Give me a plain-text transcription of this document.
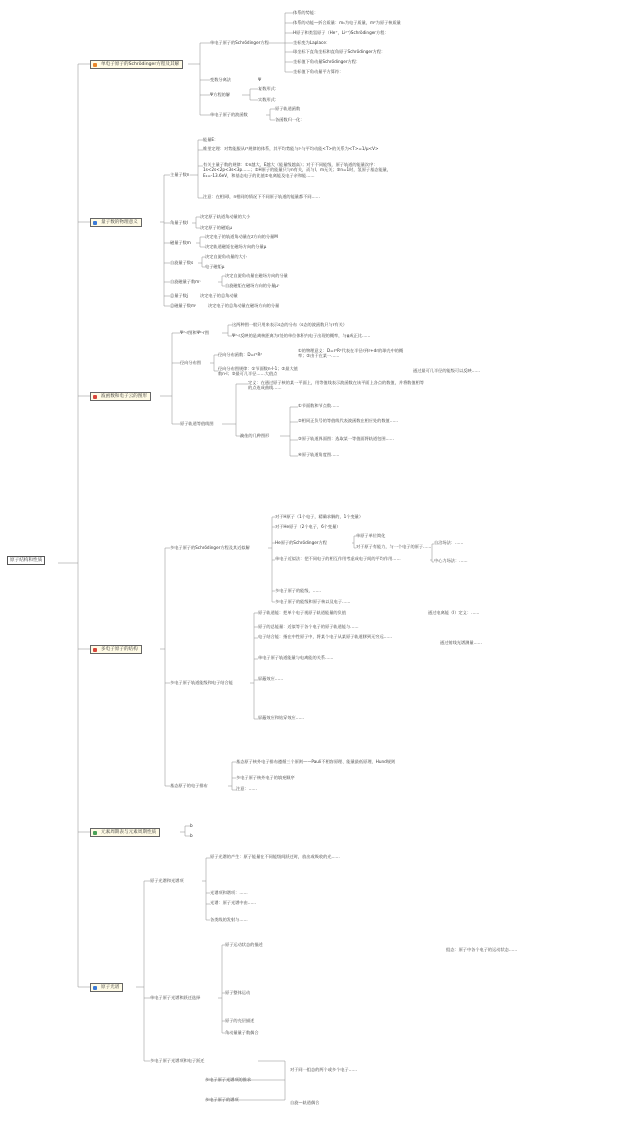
原子结构和性质
单电子原子的Schrödinger方程及其解
单电子原子的Schrödinger方程
体系的势能：
体系的动能—折合质量：m₁为电子质量，m²为原子核质量
H原子和类氢原子（He⁺，Li²⁺)Schrödinger方程：
坐标变为Laplace：
球坐标下直角坐标和直角原子Schrödinger方程：
坐标值下角动量Schrödinger方程：
坐标值下角动量平方算符：
变数分离法	Ψ
Ψ方程的解
复数形式：
实数形式：
单电子原子的波函数
原子轨道函数
各函数归一化：
量子数的物理意义
主量子数n
能量E：
维里定理：对势能服从r²规律的体系，其平均势能与r-与平均动能<T>的关系为<T>=1/μ<V>
有关主量子数的规律：①n越大，E越大（能量级越高）；对于不同能级，原子轨道的能量次序：1s<2s<2p<3s<3p……；②H原子的能量只与n有关，而与l、m无关；③n=1时，氢原子基态能量，E₁=-13.6eV，和基态电子的比值②电离能及电子亲和能……
注意：在相同l，n相同的情况下不同原子轨道的能量都不同……
角量子数l
决定原子轨道角动量的大小
决定原子的磁矩μ
磁量子数m
决定电子的轨道角动量在z方向的分量M
决定轨道磁矩在磁场方向的分量μ
自旋量子数s
决定自旋角动量的大小
电子磁矩μ
自旋磁量子数mˢ
决定自旋角动量在磁场方向的分量
自旋磁矩在磁场方向的分量μˢ
总量子数j	决定电子的总角动量
总磁量子数mʲ	决定电子的总角动量在磁场方向的分量
波函数和电子云的图形
Ψ²-r图和Ψ²-r图
这两种图一般只用来表示s态的分布（s态的波函数只与r有关）
Ψ²-r反映的是离核距离为r处的单位体积内电子出现的概率，与φ成正比……
径向分布图
径向分布函数：D=r²R²
径向分布图规律：①节面数n-l-1；②最大值数n-l；③最可几半径……大值点
①的物理意义：D=r²R²代表在半径r到r+dr的球壳中的概率；②由于在某一……
通过最可几半径的能级可以反映……
原子轨道等值线图
定义：在通过原子核的某一平面上，用等值线表示波函数在该平面上各点的数值，并将数值相等的点连成曲线……
波生的几种图形
①节面数和节点数……
②相同正负号的等值线代表波函数在相应处的数值……
③原子轨道界面图：选取某一等值面将轨道包围……
④原子轨道角度图……
多电子原子的结构
多电子原子的Schrödinger方程及其近似解
对于H原子（1个电子，精确求解的，1个变量）
对于He原子（2个电子，6个变量）
He原子的Schrödinger方程
单原子单位简化
对于原子有能力，与一个电子的原子……
单电子近似法：把不同电子的相互作用考虑成电子间的平均作用……
自洽场法：……
中心力场法：……
多电子原子的能级，……
多电子原子的能级和原子核以及电子……
多电子原子轨道能级和电子结合能
原子轨道能：把单个电子视原子轨道能量的负值
原子的总能量：近似等于各个电子的原子轨道能与……
电子结合能：指在中性原子中，将某个电子从某原子轨道移到无穷远……
单电子原子轨道能量与电离能的关系……
屏蔽效应……
屏蔽效应和钻穿效应……
通过电离能（I）定义：……
通过射线光谱测量……
基态原子的电子排布
基态原子核外电子排布遵循三个原则——Pauli不相容原理、能量最低原理、Hund规则
多电子原子核外电子的填充顺序
注意：……
元素周期表与元素周期性质
b
b
原子光谱
原子光谱和光谱项
原子光谱的产生：原子能量在不同能级间跃迁时，放出或吸收的光……
光谱项和谱项：……
光谱：原子光谱中由……
各类线的发射与……
单电子原子光谱和跃迁选择
原子运动状态的描述
原子整体运动
原子的壳层描述
角动量量子数偶合
组态：原子中各个电子的运动状态……
多电子原子光谱项和电子跃迁
多电子原子光谱项的推求
多电子原子的谱项
对于同一组态的两个或多个电子……
自旋—轨道偶合
